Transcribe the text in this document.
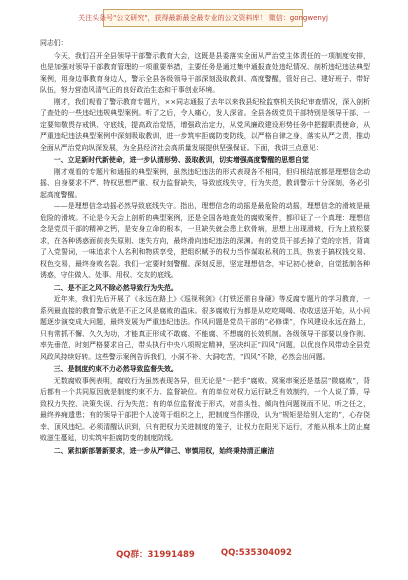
关注头条号"公文研究"，获得最新最全最专业的公文资料库！ 微信：gongwenyj

同志们：

今天，我们召开全县领导干部警示教育大会，这既是县委落实全面从严治党主体责任的一项制度安排，也是加强对领导干部教育管理的一项重要举措，主要任务是通过集中通报查处违纪情况、剖析违纪违法典型案例，用身边事教育身边人，警示全县各级领导干部深刻汲取教训、高度警醒，管好自己、建好班子、带好队伍，努力营造风清气正的良好政治生态和干事创业环境。

刚才，我们观看了警示教育专题片，××同志通报了去年以来我县纪检监察机关执纪审查情况，深入剖析了查处的一些违纪违规典型案例。听了之后，令人痛心，发人深省。全县各级党员干部特别是领导干部，一定要知敬畏存戒惧、守底线，提高政治觉悟，增强政治定力，从党风廉政建设形势任务中把握职责使命，从严重违纪违法典型案例中深刻吸取教训，进一步筑牢拒腐防变防线，以严格自律之身，落实从严之责，推动全面从严治党向纵深发展，为全县经济社会高质量发展提供坚强保证。下面，我讲三点意见：

一、立足新时代新使命，进一步认清形势、汲取教训，切实增强高度警醒的思想自觉

刚才观看的专题片和通报的典型案例，虽然违纪违法的形式表现各不相同，但归根结底都是理想信念动摇、自身要求不严、特权思想严重、权力监督缺失，导致底线失守，行为失范，教训警示十分深刻，务必引起高度警醒。

——是理想信念动摇必然导致底线失守。指出，理想信念的动摇是最危险的动摇，理想信念的滑坡是最危险的滑坡。不论是今天会上剖析的典型案例，还是全国各地查处的腐败案件，都印证了一个真理：理想信念是党员干部的精神之钙，是安身立命的根本，一旦缺失就会患上软骨病，思想上出现滑坡，行为上放松要求，在各种诱惑面前丧失原则、迷失方向，最终滑向违纪违法的深渊。有的党员干部丢掉了党的宗旨，背离了入党誓词，一味追求个人名利和物质享受，把组织赋予的权力当作谋取私利的工具，热衷于搞权钱交易、权色交易，最终身败名裂。我们一定要时刻警醒、深刻反思，坚定理想信念，牢记初心使命，自觉抵制各种诱惑，守住做人、处事、用权、交友的底线。

二、是不正之风不除必然导致行为失范。

近年来，我们先后开展了《永远在路上》《巡视利剑》《打铁还需自身硬》等反腐专题片的学习教育，一系列最直接的教育警示就是不正之风是腐败的温床。很多腐败行为都是从吃吃喝喝、收收送送开始，从小问题逐步演变成大问题，最终发展为严重违纪违法。作风问题是党员干部的“必修课”，作风建设永远在路上，只有常抓不懈、久久为功，才能真正形成不敢腐、不能腐、不想腐的长效机制。各级领导干部要以身作则、率先垂范，时刻严格要求自己，带头执行中央八项规定精神，坚决纠正“四风”问题，以优良作风带动全县党风政风持续好转。这些警示案例告诉我们，小洞不补、大洞吃苦，“四风”不除，必然会出问题。

三、是制度约束不力必然导致监督失效。

无数腐败事例表明，腐败行为虽然表现各异，但无论是“一把手”腐败、窝案串案还是基层“微腐败”，背后都有一个共同原因就是制度约束不力、监督缺位。有的单位对权力运行缺乏有效制约，一个人说了算，导致权力失控、决策失误、行为失范；有的单位监督流于形式，对苗头性、倾向性问题视而不见、听之任之，最终养痈遗患；有的领导干部把个人凌驾于组织之上，把制度当作摆设，认为“规矩是给别人定的”，心存侥幸、顶风违纪。必须清醒认识到，只有把权力关进制度的笼子，让权力在阳光下运行，才能从根本上防止腐败滋生蔓延，切实筑牢拒腐防变的制度防线。

二、紧扣新部署新要求，进一步从严律己、审慎用权，始终秉持清正廉洁

QQ群：31991489	QQ:535304092
